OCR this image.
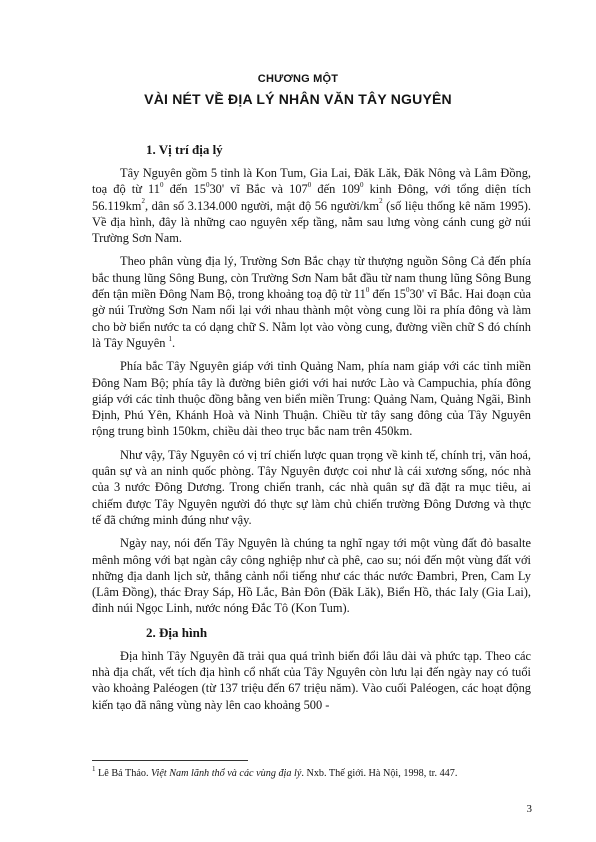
CHƯƠNG MỘT
VÀI NÉT VỀ ĐỊA LÝ NHÂN VĂN TÂY NGUYÊN
1. Vị trí địa lý

Tây Nguyên gồm 5 tỉnh là Kon Tum, Gia Lai, Đăk Lăk, Đăk Nông và Lâm Đồng, toạ độ từ $11^0$ đến $15^030'$ vĩ Bắc và $107^0$ đến $109^0$ kinh Đông, với tổng diện tích $56.119km^2$, dân số 3.134.000 người, mật độ 56 người/$km^2$ (số liệu thống kê năm 1995). Về địa hình, đây là những cao nguyên xếp tầng, nằm sau lưng vòng cánh cung gờ núi Trường Sơn Nam.

Theo phân vùng địa lý, Trường Sơn Bắc chạy từ thượng nguồn Sông Cả đến phía bắc thung lũng Sông Bung, còn Trường Sơn Nam bắt đầu từ nam thung lũng Sông Bung đến tận miền Đông Nam Bộ, trong khoảng toạ độ từ $11^0$ đến $15^030'$ vĩ Bắc. Hai đoạn của gờ núi Trường Sơn Nam nối lại với nhau thành một vòng cung lồi ra phía đông và làm cho bờ biển nước ta có dạng chữ S. Nằm lọt vào vòng cung, đường viền chữ S đó chính là Tây Nguyên $^1$.

Phía bắc Tây Nguyên giáp với tỉnh Quảng Nam, phía nam giáp với các tỉnh miền Đông Nam Bộ; phía tây là đường biên giới với hai nước Lào và Campuchia, phía đông giáp với các tỉnh thuộc đồng bằng ven biển miền Trung: Quảng Nam, Quảng Ngãi, Bình Định, Phú Yên, Khánh Hoà và Ninh Thuận. Chiều từ tây sang đông của Tây Nguyên rộng trung bình 150km, chiều dài theo trục bắc nam trên 450km.

Như vậy, Tây Nguyên có vị trí chiến lược quan trọng về kinh tế, chính trị, văn hoá, quân sự và an ninh quốc phòng. Tây Nguyên được coi như là cái xương sống, nóc nhà của 3 nước Đông Dương. Trong chiến tranh, các nhà quân sự đã đặt ra mục tiêu, ai chiếm được Tây Nguyên người đó thực sự làm chủ chiến trường Đông Dương và thực tế đã chứng minh đúng như vậy.

Ngày nay, nói đến Tây Nguyên là chúng ta nghĩ ngay tới một vùng đất đỏ basalte mênh mông với bạt ngàn cây công nghiệp như cà phê, cao su; nói đến một vùng đất với những địa danh lịch sử, thắng cảnh nổi tiếng như các thác nước Đambri, Pren, Cam Ly (Lâm Đồng), thác Đray Sáp, Hồ Lắc, Bản Đôn (Đăk Lăk), Biển Hồ, thác Ialy (Gia Lai), đỉnh núi Ngọc Linh, nước nóng Đắc Tô (Kon Tum).

2. Địa hình

Địa hình Tây Nguyên đã trải qua quá trình biến đổi lâu dài và phức tạp. Theo các nhà địa chất, vết tích địa hình cổ nhất của Tây Nguyên còn lưu lại đến ngày nay có tuổi vào khoảng Paléogen (từ 137 triệu đến 67 triệu năm). Vào cuối Paléogen, các hoạt động kiến tạo đã nâng vùng này lên cao khoảng 500 -

$^1$ Lê Bá Thảo. Việt Nam lãnh thổ và các vùng địa lý. Nxb. Thế giới. Hà Nội, 1998, tr. 447.
3
